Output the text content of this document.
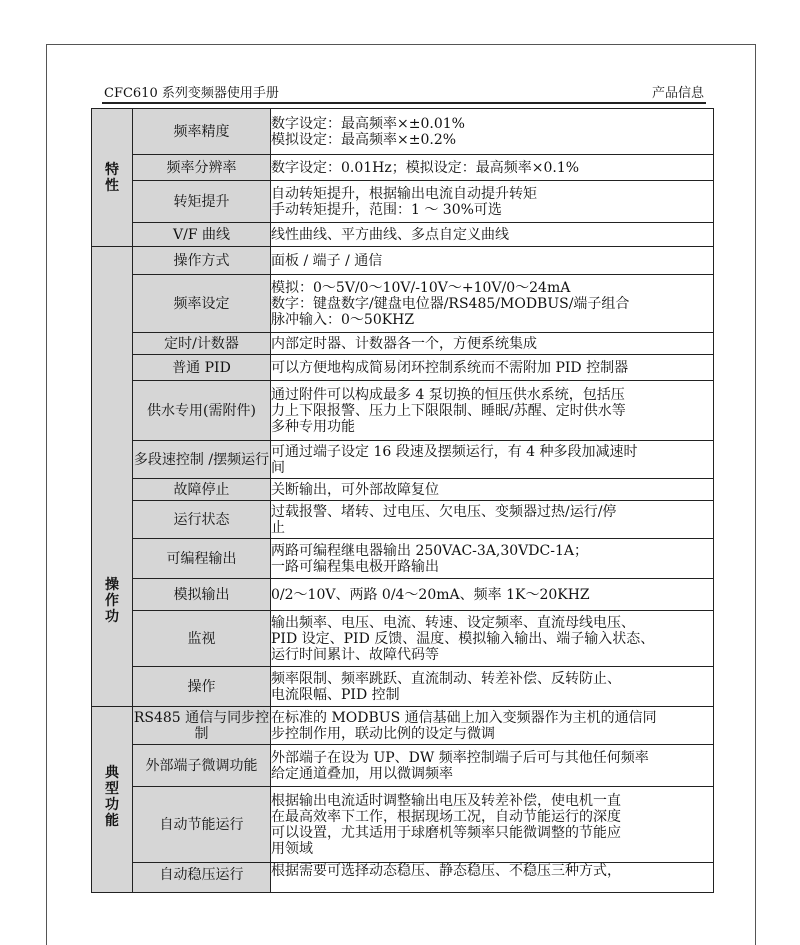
CFC610 系列变频器使用手册	产品信息
特
性	频率精度	数字设定：最高频率×±0.01%
模拟设定：最高频率×±0.2%

	频率分辨率	数字设定：0.01Hz；模拟设定：最高频率×0.1%

	转矩提升	自动转矩提升，根据输出电流自动提升转矩
手动转矩提升，范围：1 ～ 30%可选

	V/F 曲线	线性曲线、平方曲线、多点自定义曲线

操
作
功	操作方式	面板 / 端子 / 通信

	频率设定	模拟：0～5V/0～10V/-10V～+10V/0～24mA
数字：键盘数字/键盘电位器/RS485/MODBUS/端子组合
脉冲输入：0～50KHZ

	定时/计数器	内部定时器、计数器各一个，方便系统集成

	普通 PID	可以方便地构成简易闭环控制系统而不需附加 PID 控制器

	供水专用(需附件)	通过附件可以构成最多 4 泵切换的恒压供水系统，包括压
力上下限报警、压力上下限限制、睡眠/苏醒、定时供水等
多种专用功能

	多段速控制 /摆频运行	可通过端子设定 16 段速及摆频运行，有 4 种多段加减速时
间

	故障停止	关断输出，可外部故障复位

	运行状态	过载报警、堵转、过电压、欠电压、变频器过热/运行/停
止

	可编程输出	两路可编程继电器输出 250VAC-3A,30VDC-1A；
一路可编程集电极开路输出

	模拟输出	0/2～10V、两路 0/4～20mA、频率 1K～20KHZ

	监视	输出频率、电压、电流、转速、设定频率、直流母线电压、
PID 设定、PID 反馈、温度、模拟输入输出、端子输入状态、
运行时间累计、故障代码等

	操作	频率限制、频率跳跃、直流制动、转差补偿、反转防止、
电流限幅、PID 控制

典
型
功
能	RS485 通信与同步控制	在标准的 MODBUS 通信基础上加入变频器作为主机的通信同
步控制作用，联动比例的设定与微调

	外部端子微调功能	外部端子在设为 UP、DW 频率控制端子后可与其他任何频率
给定通道叠加，用以微调频率

	自动节能运行	根据输出电流适时调整输出电压及转差补偿，使电机一直
在最高效率下工作，根据现场工况，自动节能运行的深度
可以设置，尤其适用于球磨机等频率只能微调整的节能应
用领域

	自动稳压运行	根据需要可选择动态稳压、静态稳压、不稳压三种方式，
